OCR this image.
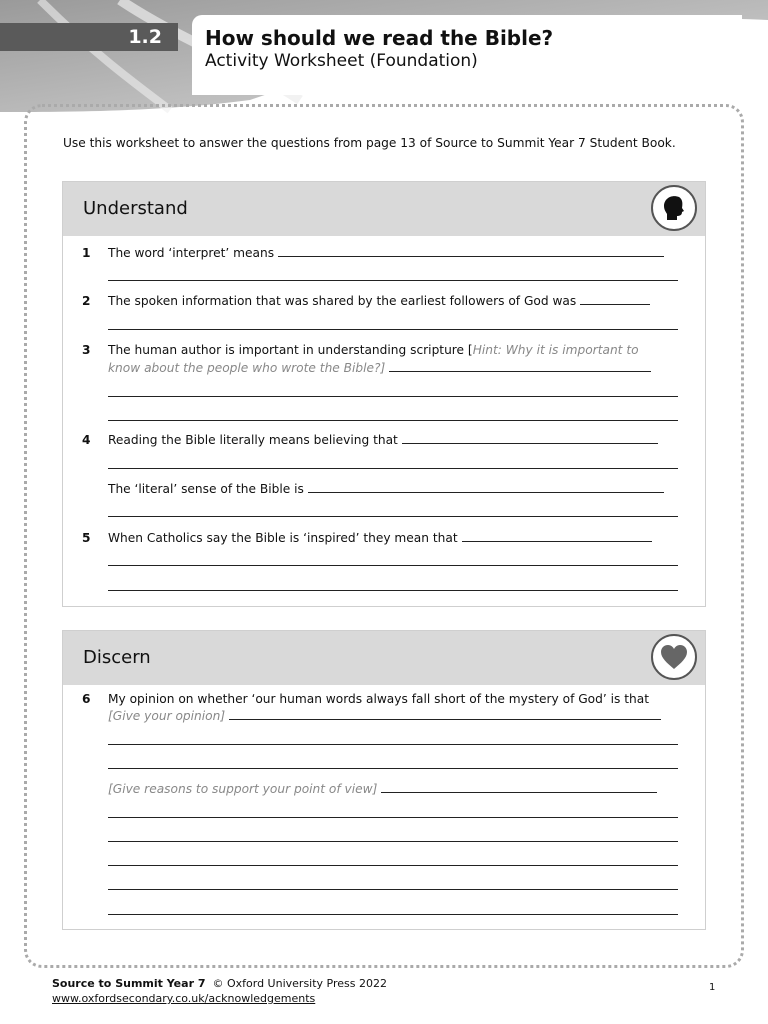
1.2 How should we read the Bible?
Activity Worksheet (Foundation)
Use this worksheet to answer the questions from page 13 of Source to Summit Year 7 Student Book.
Understand
1	The word ‘interpret’ means
2	The spoken information that was shared by the earliest followers of God was
3	The human author is important in understanding scripture [Hint: Why it is important to
know about the people who wrote the Bible?]
4	Reading the Bible literally means believing that
The ‘literal’ sense of the Bible is
5	When Catholics say the Bible is ‘inspired’ they mean that
Discern
6	My opinion on whether ‘our human words always fall short of the mystery of God’ is that
[Give your opinion]
[Give reasons to support your point of view]
Source to Summit Year 7 © Oxford University Press 2022
www.oxfordsecondary.co.uk/acknowledgements
1
